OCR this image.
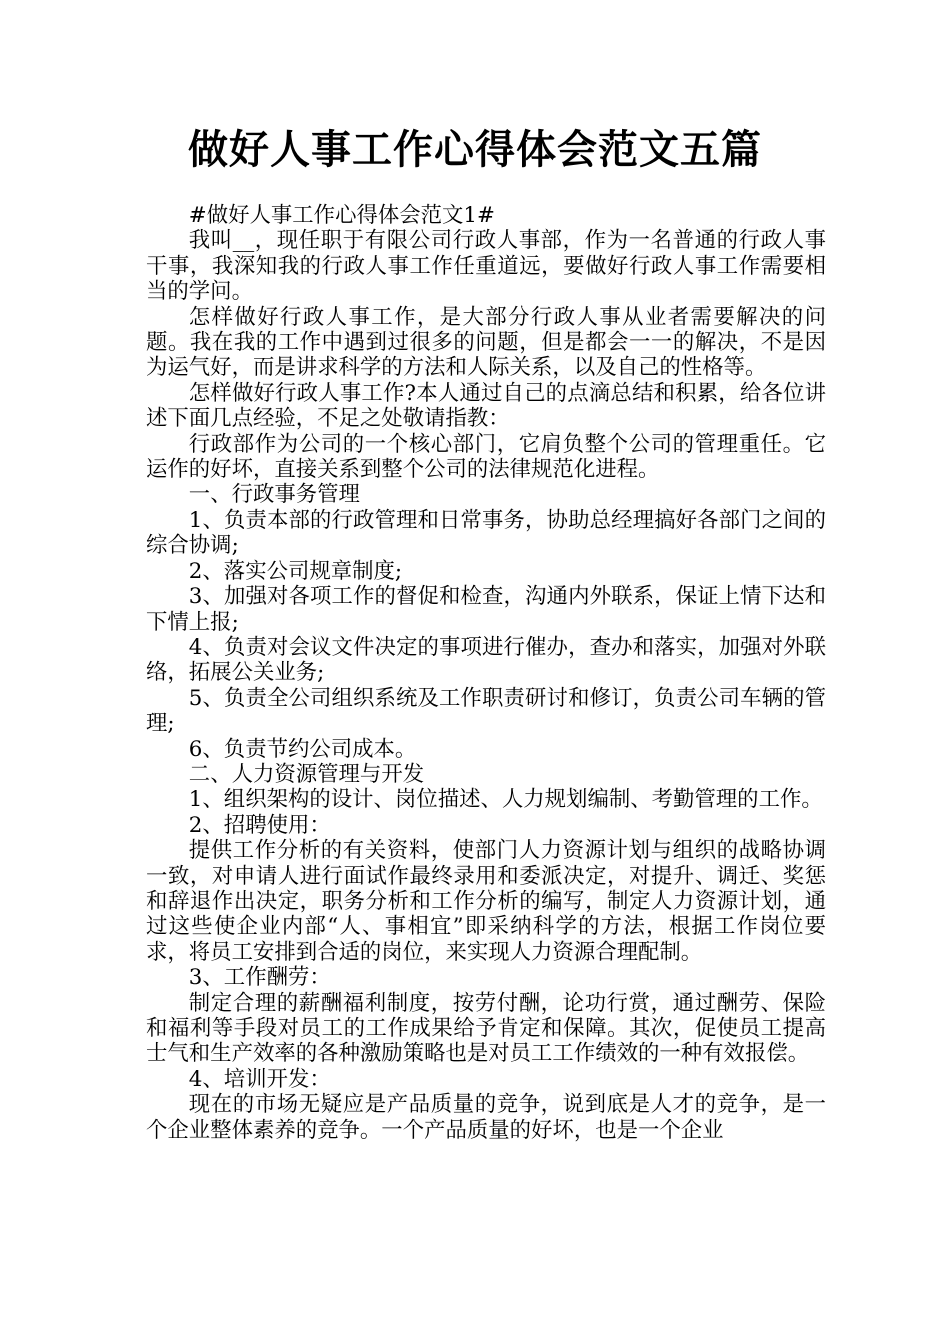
做好人事工作心得体会范文五篇

#做好人事工作心得体会范文1#

我叫__，现任职于有限公司行政人事部，作为一名普通的行政人事干事，我深知我的行政人事工作任重道远，要做好行政人事工作需要相当的学问。

怎样做好行政人事工作，是大部分行政人事从业者需要解决的问题。我在我的工作中遇到过很多的问题，但是都会一一的解决，不是因为运气好，而是讲求科学的方法和人际关系，以及自己的性格等。

怎样做好行政人事工作?本人通过自己的点滴总结和积累，给各位讲述下面几点经验，不足之处敬请指教：

行政部作为公司的一个核心部门，它肩负整个公司的管理重任。它运作的好坏，直接关系到整个公司的法律规范化进程。

一、行政事务管理

1、负责本部的行政管理和日常事务，协助总经理搞好各部门之间的综合协调;

2、落实公司规章制度;

3、加强对各项工作的督促和检查，沟通内外联系，保证上情下达和下情上报;

4、负责对会议文件决定的事项进行催办，查办和落实，加强对外联络，拓展公关业务;

5、负责全公司组织系统及工作职责研讨和修订，负责公司车辆的管理;

6、负责节约公司成本。

二、人力资源管理与开发

1、组织架构的设计、岗位描述、人力规划编制、考勤管理的工作。

2、招聘使用：

提供工作分析的有关资料，使部门人力资源计划与组织的战略协调一致，对申请人进行面试作最终录用和委派决定，对提升、调迁、奖惩和辞退作出决定，职务分析和工作分析的编写，制定人力资源计划，通过这些使企业内部“人、事相宜”即采纳科学的方法，根据工作岗位要求，将员工安排到合适的岗位，来实现人力资源合理配制。

3、工作酬劳：

制定合理的薪酬福利制度，按劳付酬，论功行赏，通过酬劳、保险和福利等手段对员工的工作成果给予肯定和保障。其次，促使员工提高士气和生产效率的各种激励策略也是对员工工作绩效的一种有效报偿。

4、培训开发：

现在的市场无疑应是产品质量的竞争，说到底是人才的竞争，是一个企业整体素养的竞争。一个产品质量的好坏，也是一个企业
